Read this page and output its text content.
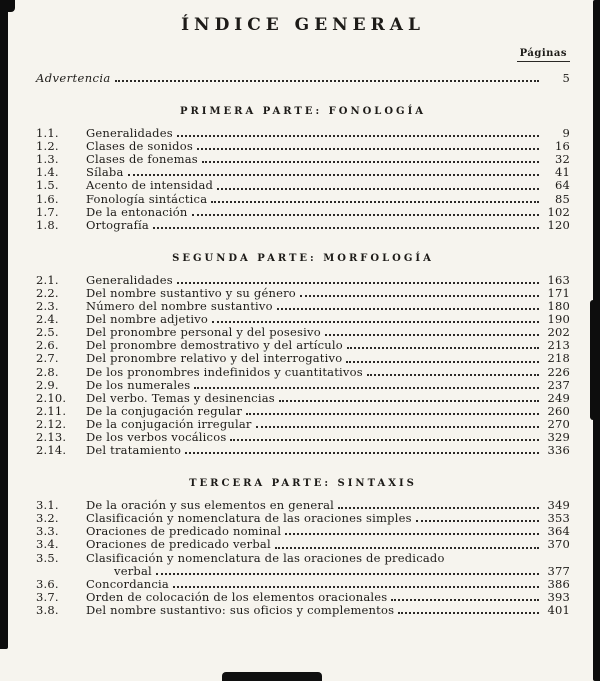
ÍNDICE GENERAL
Páginas
Advertencia	5
PRIMERA PARTE: FONOLOGÍA
1.1.	Generalidades	9
1.2.	Clases de sonidos	16
1.3.	Clases de fonemas	32
1.4.	Sílaba	41
1.5.	Acento de intensidad	64
1.6.	Fonología sintáctica	85
1.7.	De la entonación	102
1.8.	Ortografía	120
SEGUNDA PARTE: MORFOLOGÍA
2.1.	Generalidades	163
2.2.	Del nombre sustantivo y su género	171
2.3.	Número del nombre sustantivo	180
2.4.	Del nombre adjetivo	190
2.5.	Del pronombre personal y del posesivo	202
2.6.	Del pronombre demostrativo y del artículo	213
2.7.	Del pronombre relativo y del interrogativo	218
2.8.	De los pronombres indefinidos y cuantitativos	226
2.9.	De los numerales	237
2.10.	Del verbo. Temas y desinencias	249
2.11.	De la conjugación regular	260
2.12.	De la conjugación irregular	270
2.13.	De los verbos vocálicos	329
2.14.	Del tratamiento	336
TERCERA PARTE: SINTAXIS
3.1.	De la oración y sus elementos en general	349
3.2.	Clasificación y nomenclatura de las oraciones simples	353
3.3.	Oraciones de predicado nominal	364
3.4.	Oraciones de predicado verbal	370
3.5.	Clasificación y nomenclatura de las oraciones de predicado
verbal	377
3.6.	Concordancia	386
3.7.	Orden de colocación de los elementos oracionales	393
3.8.	Del nombre sustantivo: sus oficios y complementos	401
